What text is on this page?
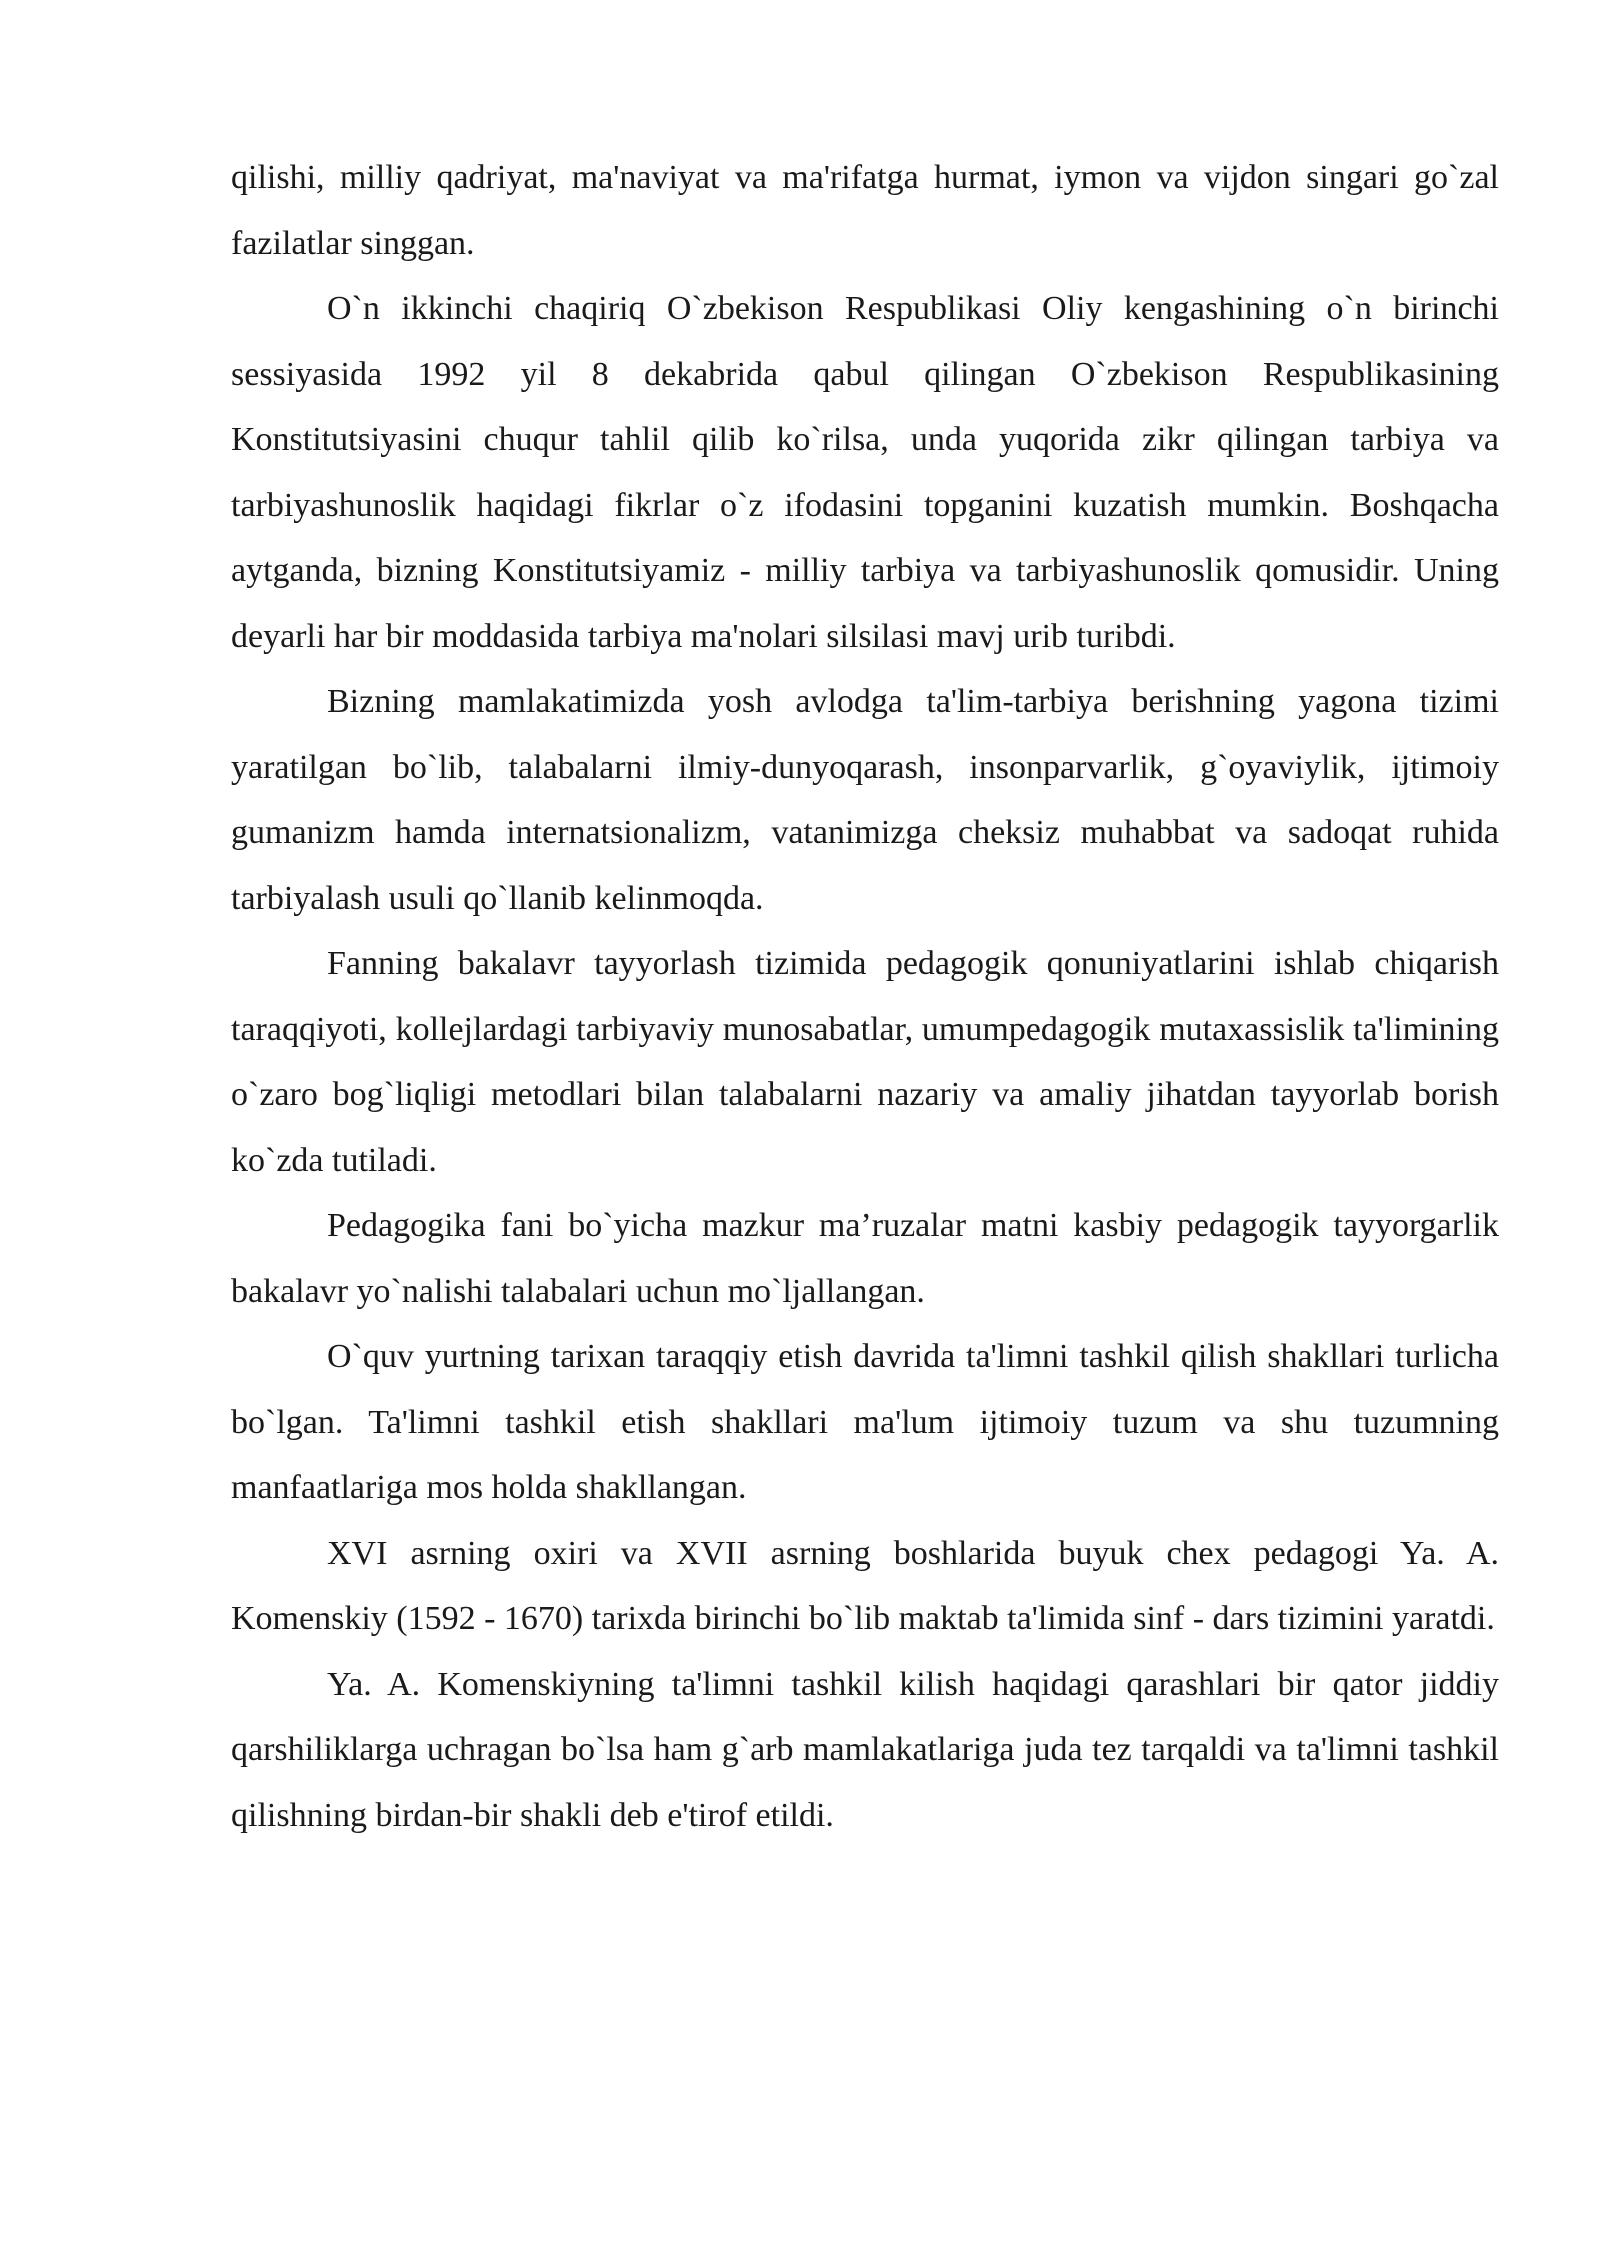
qilishi, milliy qadriyat, ma'naviyat va ma'rifatga hurmat, iymon va vijdon singari go`zal fazilatlar singgan.

O`n ikkinchi chaqiriq O`zbekison Respublikasi Oliy kengashining o`n birinchi sessiyasida 1992 yil 8 dekabrida qabul qilingan O`zbekison Respublikasining Konstitutsiyasini chuqur tahlil qilib ko`rilsa, unda yuqorida zikr qilingan tarbiya va tarbiyashunoslik haqidagi fikrlar o`z ifodasini topganini kuzatish mumkin. Boshqacha aytganda, bizning Konstitutsiyamiz - milliy tarbiya va tarbiyashunoslik qomusidir. Uning deyarli har bir moddasida tarbiya ma'nolari silsilasi mavj urib turibdi.

Bizning mamlakatimizda yosh avlodga ta'lim-tarbiya berishning yagona tizimi yaratilgan bo`lib, talabalarni ilmiy-dunyoqarash, insonparvarlik, g`oyaviylik, ijtimoiy gumanizm hamda internatsionalizm, vatanimizga cheksiz muhabbat va sadoqat ruhida tarbiyalash usuli qo`llanib kelinmoqda.

Fanning bakalavr tayyorlash tizimida pedagogik qonuniyatlarini ishlab chiqarish taraqqiyoti, kollejlardagi tarbiyaviy munosabatlar, umumpedagogik mutaxassislik ta'limining o`zaro bog`liqligi metodlari bilan talabalarni nazariy va amaliy jihatdan tayyorlab borish ko`zda tutiladi.

Pedagogika fani bo`yicha mazkur ma’ruzalar matni kasbiy pedagogik tayyorgarlik bakalavr yo`nalishi talabalari uchun mo`ljallangan.

O`quv yurtning tarixan taraqqiy etish davrida ta'limni tashkil qilish shakllari turlicha bo`lgan. Ta'limni tashkil etish shakllari ma'lum ijtimoiy tuzum va shu tuzumning manfaatlariga mos holda shakllangan.

XVI asrning oxiri va XVII asrning boshlarida buyuk chex pedagogi Ya. A. Komenskiy (1592 - 1670) tarixda birinchi bo`lib maktab ta'limida sinf - dars tizimini yaratdi.

Ya. A. Komenskiyning ta'limni tashkil kilish haqidagi qarashlari bir qator jiddiy qarshiliklarga uchragan bo`lsa ham g`arb mamlakatlariga juda tez tarqaldi va ta'limni tashkil qilishning birdan-bir shakli deb e'tirof etildi.
